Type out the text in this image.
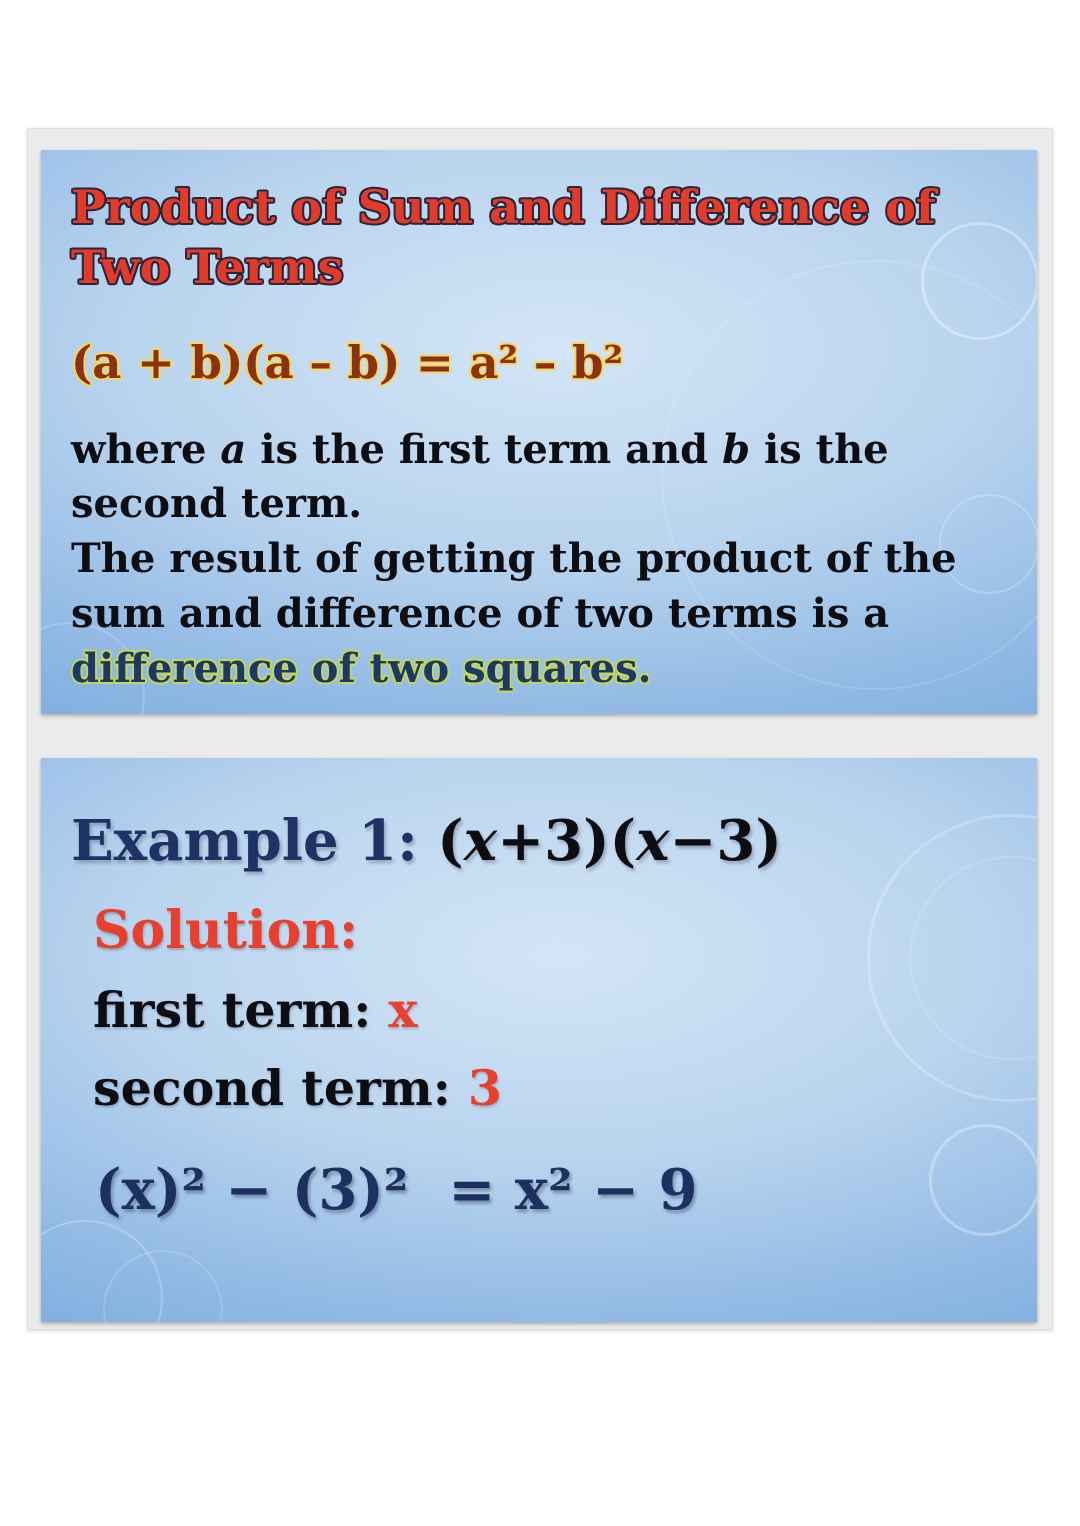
Product of Sum and Difference of Two Terms
(a + b)(a – b) = a² – b²
where a is the first term and b is the
second term.
The result of getting the product of the
sum and difference of two terms is a
difference of two squares.
Example 1: (x+3)(x−3)
Solution:
first term: x
second term: 3
(x)² − (3)² = x² − 9
